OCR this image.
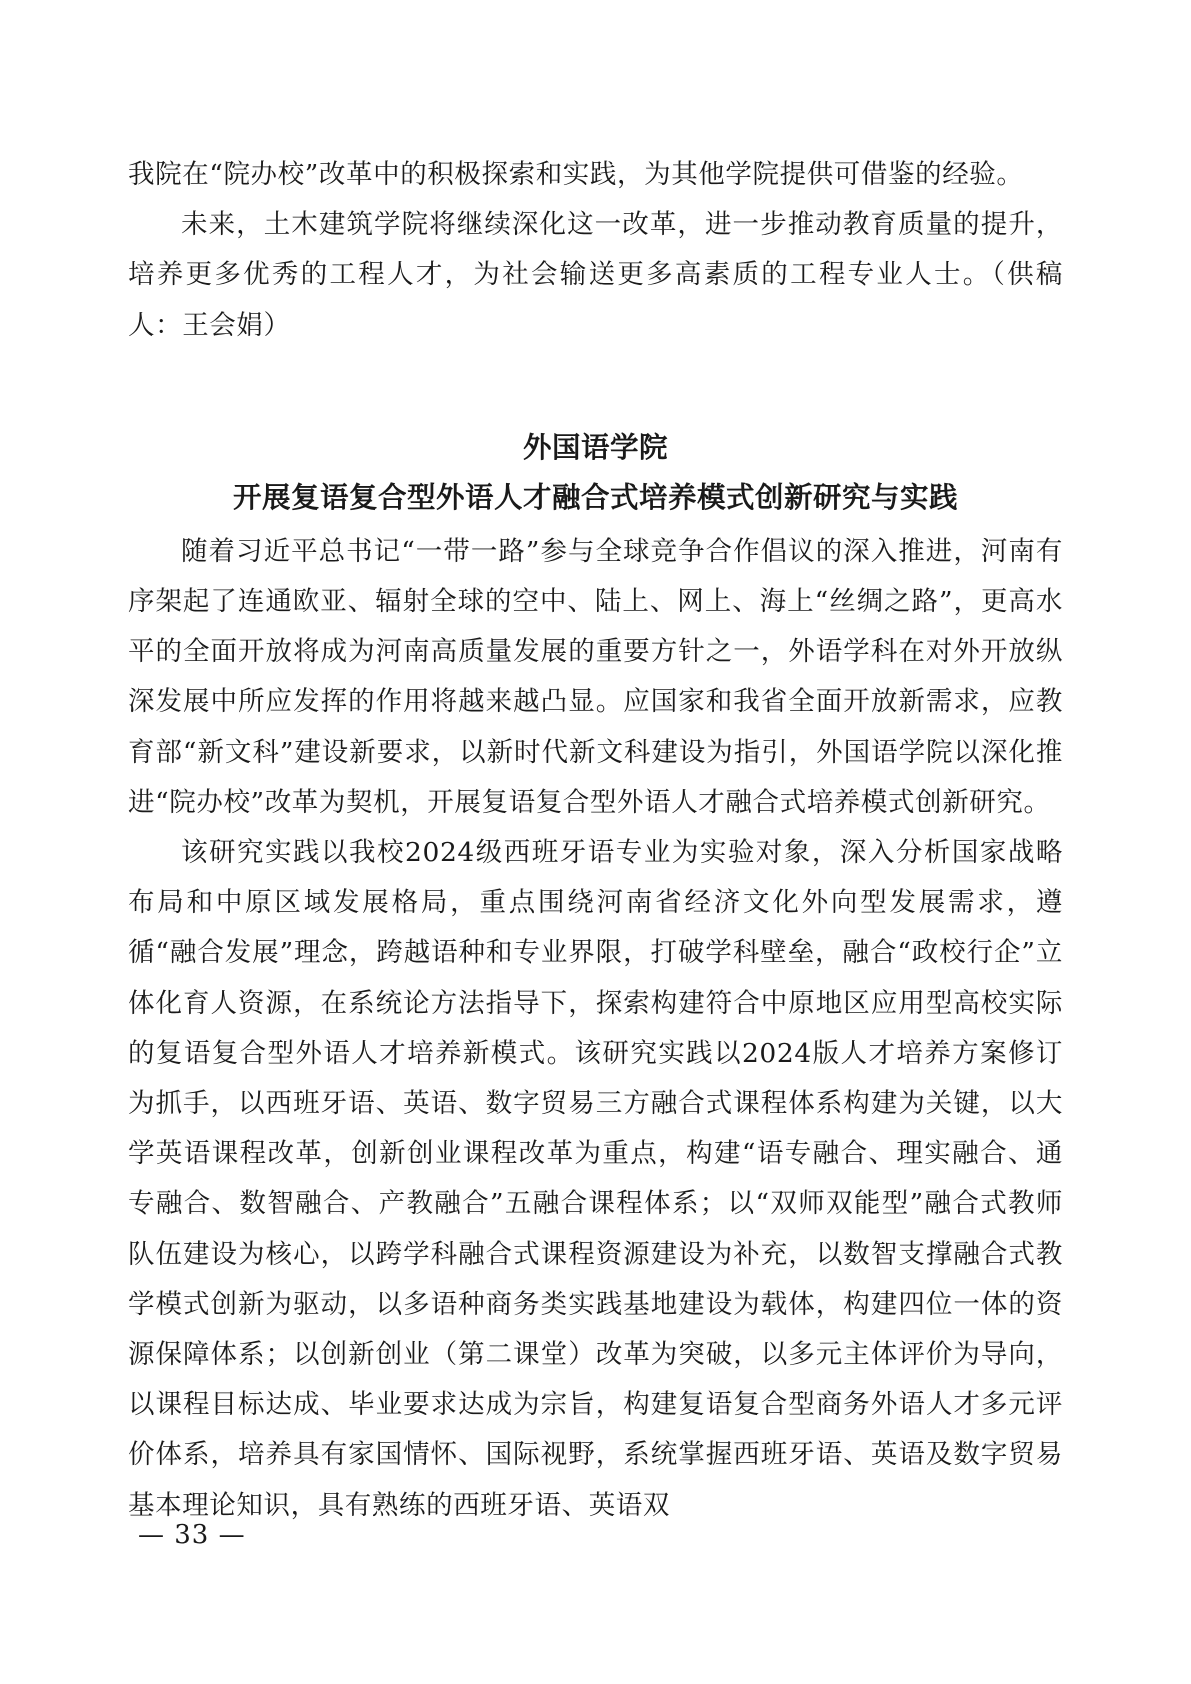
我院在“院办校”改革中的积极探索和实践，为其他学院提供可借鉴的经验。

未来，土木建筑学院将继续深化这一改革，进一步推动教育质量的提升，培养更多优秀的工程人才，为社会输送更多高素质的工程专业人士。（供稿人：王会娟）

外国语学院
开展复语复合型外语人才融合式培养模式创新研究与实践

随着习近平总书记“一带一路”参与全球竞争合作倡议的深入推进，河南有序架起了连通欧亚、辐射全球的空中、陆上、网上、海上“丝绸之路”，更高水平的全面开放将成为河南高质量发展的重要方针之一，外语学科在对外开放纵深发展中所应发挥的作用将越来越凸显。应国家和我省全面开放新需求，应教育部“新文科”建设新要求，以新时代新文科建设为指引，外国语学院以深化推进“院办校”改革为契机，开展复语复合型外语人才融合式培养模式创新研究。

该研究实践以我校2024级西班牙语专业为实验对象，深入分析国家战略布局和中原区域发展格局，重点围绕河南省经济文化外向型发展需求，遵循“融合发展”理念，跨越语种和专业界限，打破学科壁垒，融合“政校行企”立体化育人资源，在系统论方法指导下，探索构建符合中原地区应用型高校实际的复语复合型外语人才培养新模式。该研究实践以2024版人才培养方案修订为抓手，以西班牙语、英语、数字贸易三方融合式课程体系构建为关键，以大学英语课程改革，创新创业课程改革为重点，构建“语专融合、理实融合、通专融合、数智融合、产教融合”五融合课程体系；以“双师双能型”融合式教师队伍建设为核心，以跨学科融合式课程资源建设为补充，以数智支撑融合式教学模式创新为驱动，以多语种商务类实践基地建设为载体，构建四位一体的资源保障体系；以创新创业（第二课堂）改革为突破，以多元主体评价为导向，以课程目标达成、毕业要求达成为宗旨，构建复语复合型商务外语人才多元评价体系，培养具有家国情怀、国际视野，系统掌握西班牙语、英语及数字贸易基本理论知识，具有熟练的西班牙语、英语双

— 33 —
